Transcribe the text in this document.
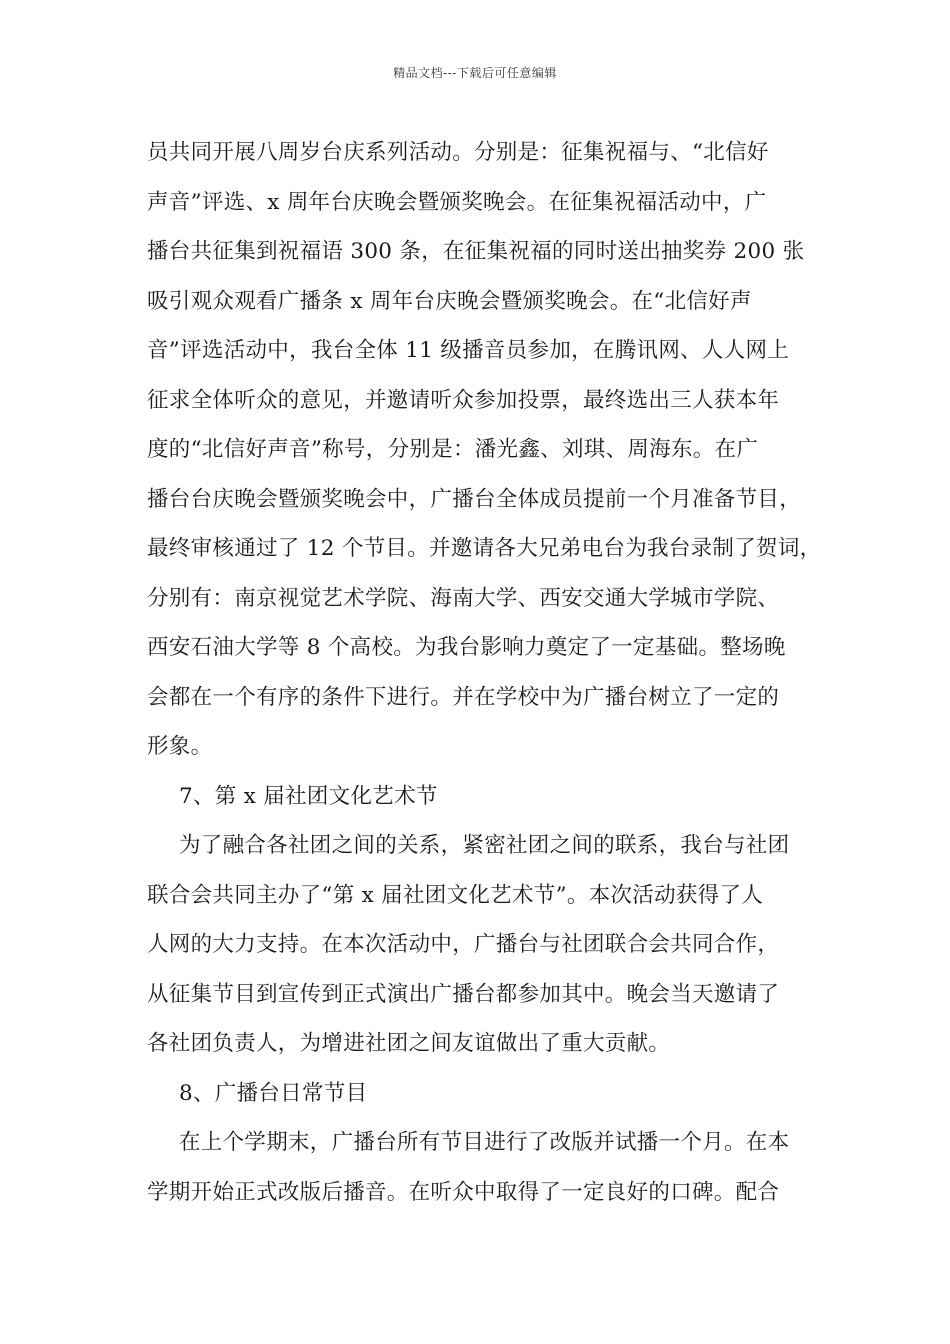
精品文档---下载后可任意编辑
员共同开展八周岁台庆系列活动。分别是：征集祝福与、“北信好
声音”评选、x 周年台庆晚会暨颁奖晚会。在征集祝福活动中，广
播台共征集到祝福语 300 条，在征集祝福的同时送出抽奖券 200 张
吸引观众观看广播条 x 周年台庆晚会暨颁奖晚会。在“北信好声
音”评选活动中，我台全体 11 级播音员参加，在腾讯网、人人网上
征求全体听众的意见，并邀请听众参加投票，最终选出三人获本年
度的“北信好声音”称号，分别是：潘光鑫、刘琪、周海东。在广
播台台庆晚会暨颁奖晚会中，广播台全体成员提前一个月准备节目，
最终审核通过了 12 个节目。并邀请各大兄弟电台为我台录制了贺词，
分别有：南京视觉艺术学院、海南大学、西安交通大学城市学院、
西安石油大学等 8 个高校。为我台影响力奠定了一定基础。整场晚
会都在一个有序的条件下进行。并在学校中为广播台树立了一定的
形象。
7、第 x 届社团文化艺术节
为了融合各社团之间的关系，紧密社团之间的联系，我台与社团
联合会共同主办了“第 x 届社团文化艺术节”。本次活动获得了人
人网的大力支持。在本次活动中，广播台与社团联合会共同合作，
从征集节目到宣传到正式演出广播台都参加其中。晚会当天邀请了
各社团负责人，为增进社团之间友谊做出了重大贡献。
8、广播台日常节目
在上个学期末，广播台所有节目进行了改版并试播一个月。在本
学期开始正式改版后播音。在听众中取得了一定良好的口碑。配合
